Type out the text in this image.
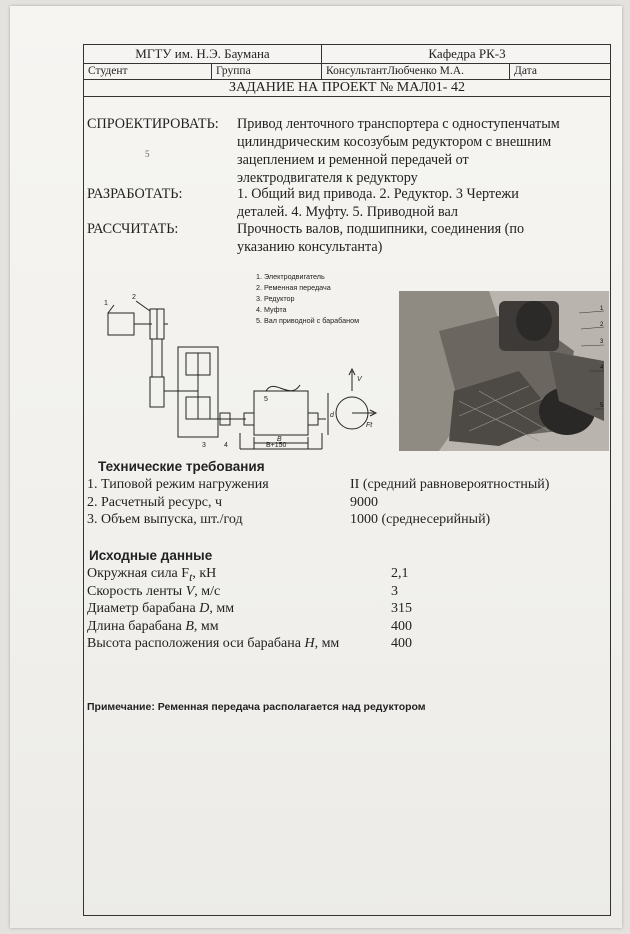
МГТУ им. Н.Э. Баумана	Кафедра РК-3
Студент	Группа	КонсультантЛюбченко М.А.	Дата
ЗАДАНИЕ НА ПРОЕКТ № МАЛ01- 42
СПРОЕКТИРОВАТЬ: Привод ленточного транспортера с одноступенчатым
цилиндрическим косозубым редуктором с внешним
зацеплением и ременной передачей от
электродвигателя к редуктору
5
РАЗРАБОТАТЬ:	1. Общий вид привода. 2. Редуктор. 3 Чертежи
деталей. 4. Муфту. 5. Приводной вал
РАССЧИТАТЬ:	Прочность валов, подшипники, соединения (по
указанию консультанта)
1. Электродвигатель
2. Ременная передача
3. Редуктор
4. Муфта
5. Вал приводной с барабаном
1
2
5
3	4
d
B
B+150
V
Ft
1
2
3
4
5
Технические требования
1. Типовой режим нагружения	II (средний равновероятностный)
2. Расчетный ресурс, ч	9000
3. Объем выпуска, шт./год	1000 (среднесерийный)
Исходные данные
Окружная сила $F_t$, кН	2,1
Скорость ленты V, м/с	3
Диаметр барабана D, мм	315
Длина барабана B, мм	400
Высота расположения оси барабана H, мм	400
Примечание: Ременная передача располагается над редуктором
